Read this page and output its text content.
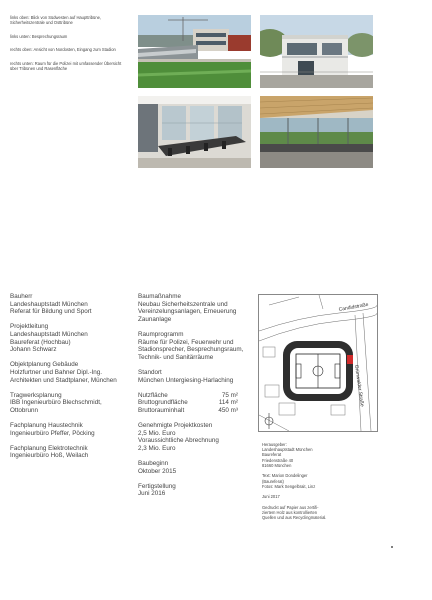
links oben: Blick von Südwesten auf Haupttribüne, Sicherheitszentrale und Osttribüne

links unten: Besprechungsraum

rechts oben: Ansicht von Nordosten, Eingang zum Stadion

rechts unten: Raum für die Polizei mit umfassender Übersicht über Tribünen und Rasenfläche

Bauherr
Landeshauptstadt München
Referat für Bildung und Sport
Projektleitung
Landeshauptstadt München
Baureferat (Hochbau)
Johann Schwarz
Objektplanung Gebäude
Holzfurtner und Bahner Dipl.-Ing.
Architekten und Stadtplaner, München
Tragwerksplanung
IBB Ingenieurbüro Blechschmidt,
Ottobrunn
Fachplanung Haustechnik
Ingenieurbüro Pfeffer, Pöcking
Fachplanung Elektrotechnik
Ingenieurbüro Hoß, Weilach
Baumaßnahme
Neubau Sicherheitszentrale und
Vereinzelungsanlagen, Erneuerung
Zaunanlage
Raumprogramm
Räume für Polizei, Feuerwehr und
Stadionsprecher, Besprechungsraum,
Technik- und Sanitärräume
Standort
München Untergiesing-Harlaching
Nutzfläche	75 m²
Bruttogrundfläche	114 m²
Bruttorauminhalt	450 m³
Genehmigte Projektkosten
2,5 Mio. Euro
Voraussichtliche Abrechnung
2,3 Mio. Euro
Baubeginn
Oktober 2015
Fertigstellung
Juni 2016
Candidstraße
Grünwalder Straße
Herausgeber:
Landeshauptstadt München
Baureferat
Friedenstraße 40
81660 München
Text: Marion Dondelinger
(Baureferat)
Fotos: Mark Sengelbrait, Linz
Juni 2017
Gedruckt auf Papier aus zertifi-
ziertem Holz aus kontrollierten
Quellen und aus Recyclingmaterial.
